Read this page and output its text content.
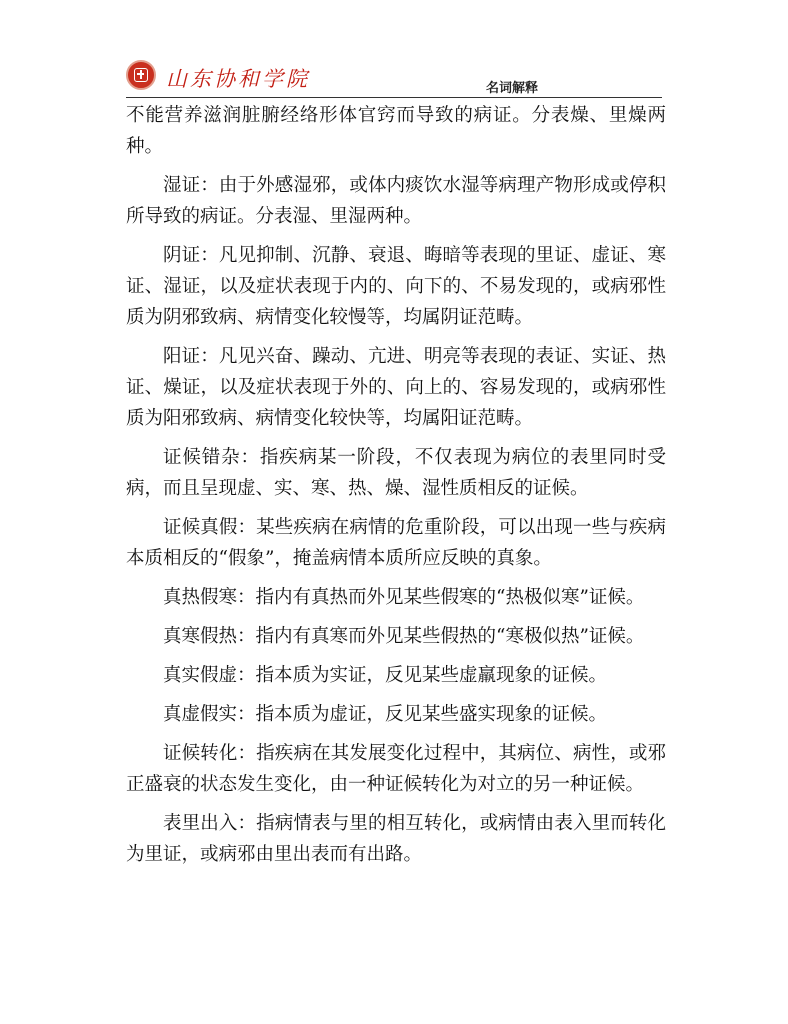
山东协和学院	名词解释

不能营养滋润脏腑经络形体官窍而导致的病证。分表燥、里燥两种。

湿证：由于外感湿邪，或体内痰饮水湿等病理产物形成或停积所导致的病证。分表湿、里湿两种。

阴证：凡见抑制、沉静、衰退、晦暗等表现的里证、虚证、寒证、湿证，以及症状表现于内的、向下的、不易发现的，或病邪性质为阴邪致病、病情变化较慢等，均属阴证范畴。

阳证：凡见兴奋、躁动、亢进、明亮等表现的表证、实证、热证、燥证，以及症状表现于外的、向上的、容易发现的，或病邪性质为阳邪致病、病情变化较快等，均属阳证范畴。

证候错杂：指疾病某一阶段，不仅表现为病位的表里同时受病，而且呈现虚、实、寒、热、燥、湿性质相反的证候。

证候真假：某些疾病在病情的危重阶段，可以出现一些与疾病本质相反的“假象”，掩盖病情本质所应反映的真象。

真热假寒：指内有真热而外见某些假寒的“热极似寒”证候。

真寒假热：指内有真寒而外见某些假热的“寒极似热”证候。

真实假虚：指本质为实证，反见某些虚羸现象的证候。

真虚假实：指本质为虚证，反见某些盛实现象的证候。

证候转化：指疾病在其发展变化过程中，其病位、病性，或邪正盛衰的状态发生变化，由一种证候转化为对立的另一种证候。

表里出入：指病情表与里的相互转化，或病情由表入里而转化为里证，或病邪由里出表而有出路。
